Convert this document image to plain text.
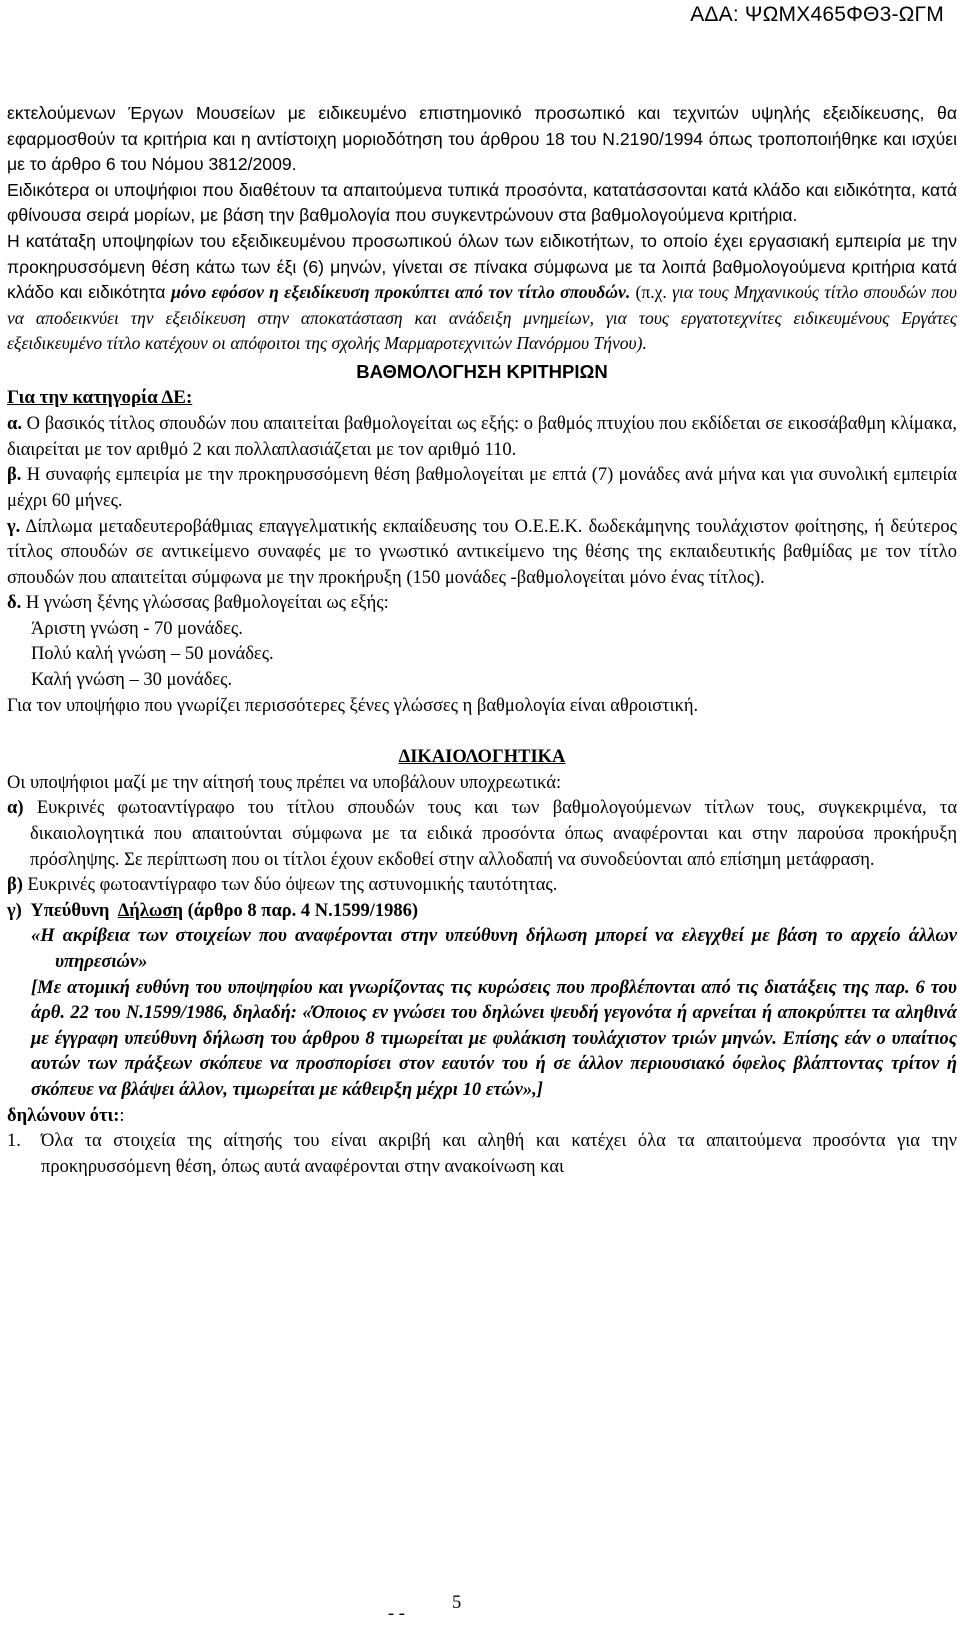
ΑΔΑ: ΨΩΜΧ465ΦΘ3-ΩΓΜ

εκτελούμενων Έργων Μουσείων με ειδικευμένο επιστημονικό προσωπικό και τεχνιτών υψηλής εξειδίκευσης, θα εφαρμοσθούν τα κριτήρια και η αντίστοιχη μοριοδότηση του άρθρου 18 του Ν.2190/1994 όπως τροποποιήθηκε και ισχύει με το άρθρο 6 του Νόμου 3812/2009.

Ειδικότερα οι υποψήφιοι που διαθέτουν τα απαιτούμενα τυπικά προσόντα, κατατάσσονται κατά κλάδο και ειδικότητα, κατά φθίνουσα σειρά μορίων, με βάση την βαθμολογία που συγκεντρώνουν στα βαθμολογούμενα κριτήρια.

Η κατάταξη υποψηφίων του εξειδικευμένου προσωπικού όλων των ειδικοτήτων, το οποίο έχει εργασιακή εμπειρία με την προκηρυσσόμενη θέση κάτω των έξι (6) μηνών, γίνεται σε πίνακα σύμφωνα με τα λοιπά βαθμολογούμενα κριτήρια κατά κλάδο και ειδικότητα μόνο εφόσον η εξειδίκευση προκύπτει από τον τίτλο σπουδών. (π.χ. για τους Μηχανικούς τίτλο σπουδών που να αποδεικνύει την εξειδίκευση στην αποκατάσταση και ανάδειξη μνημείων, για τους εργατοτεχνίτες ειδικευμένους Εργάτες εξειδικευμένο τίτλο κατέχουν οι απόφοιτοι της σχολής Μαρμαροτεχνιτών Πανόρμου Τήνου).

ΒΑΘΜΟΛΟΓΗΣΗ ΚΡΙΤΗΡΙΩΝ

Για την κατηγορία ΔΕ:

α. Ο βασικός τίτλος σπουδών που απαιτείται βαθμολογείται ως εξής: ο βαθμός πτυχίου που εκδίδεται σε εικοσάβαθμη κλίμακα, διαιρείται με τον αριθμό 2 και πολλαπλασιάζεται με τον αριθμό 110.

β. Η συναφής εμπειρία με την προκηρυσσόμενη θέση βαθμολογείται με επτά (7) μονάδες ανά μήνα και για συνολική εμπειρία μέχρι 60 μήνες.

γ. Δίπλωμα μεταδευτεροβάθμιας επαγγελματικής εκπαίδευσης του Ο.Ε.Ε.Κ. δωδεκάμηνης τουλάχιστον φοίτησης, ή δεύτερος τίτλος σπουδών σε αντικείμενο συναφές με το γνωστικό αντικείμενο της θέσης της εκπαιδευτικής βαθμίδας με τον τίτλο σπουδών που απαιτείται σύμφωνα με την προκήρυξη (150 μονάδες -βαθμολογείται μόνο ένας τίτλος).

δ. Η γνώση ξένης γλώσσας βαθμολογείται ως εξής:

Άριστη γνώση - 70 μονάδες.

Πολύ καλή γνώση – 50 μονάδες.

Καλή γνώση – 30 μονάδες.

Για τον υποψήφιο που γνωρίζει περισσότερες ξένες γλώσσες η βαθμολογία είναι αθροιστική.

ΔΙΚΑΙΟΛΟΓΗΤΙΚΑ

Οι υποψήφιοι μαζί με την αίτησή τους πρέπει να υποβάλουν υποχρεωτικά:

α) Ευκρινές φωτοαντίγραφο του τίτλου σπουδών τους και των βαθμολογούμενων τίτλων τους, συγκεκριμένα, τα δικαιολογητικά που απαιτούνται σύμφωνα με τα ειδικά προσόντα όπως αναφέρονται και στην παρούσα προκήρυξη πρόσληψης. Σε περίπτωση που οι τίτλοι έχουν εκδοθεί στην αλλοδαπή να συνοδεύονται από επίσημη μετάφραση.

β) Ευκρινές φωτοαντίγραφο των δύο όψεων της αστυνομικής ταυτότητας.

γ) Υπεύθυνη Δήλωση (άρθρο 8 παρ. 4 Ν.1599/1986)

«Η ακρίβεια των στοιχείων που αναφέρονται στην υπεύθυνη δήλωση μπορεί να ελεγχθεί με βάση το αρχείο άλλων υπηρεσιών»

[Με ατομική ευθύνη του υποψηφίου και γνωρίζοντας τις κυρώσεις που προβλέπονται από τις διατάξεις της παρ. 6 του άρθ. 22 του Ν.1599/1986, δηλαδή: «Όποιος εν γνώσει του δηλώνει ψευδή γεγονότα ή αρνείται ή αποκρύπτει τα αληθινά με έγγραφη υπεύθυνη δήλωση του άρθρου 8 τιμωρείται με φυλάκιση τουλάχιστον τριών μηνών. Επίσης εάν ο υπαίτιος αυτών των πράξεων σκόπευε να προσπορίσει στον εαυτόν του ή σε άλλον περιουσιακό όφελος βλάπτοντας τρίτον ή σκόπευε να βλάψει άλλον, τιμωρείται με κάθειρξη μέχρι 10 ετών»,]

δηλώνουν ότι::

1.	Όλα τα στοιχεία της αίτησής του είναι ακριβή και αληθή και κατέχει όλα τα απαιτούμενα προσόντα για την προκηρυσσόμενη θέση, όπως αυτά αναφέρονται στην ανακοίνωση και
- -
5
